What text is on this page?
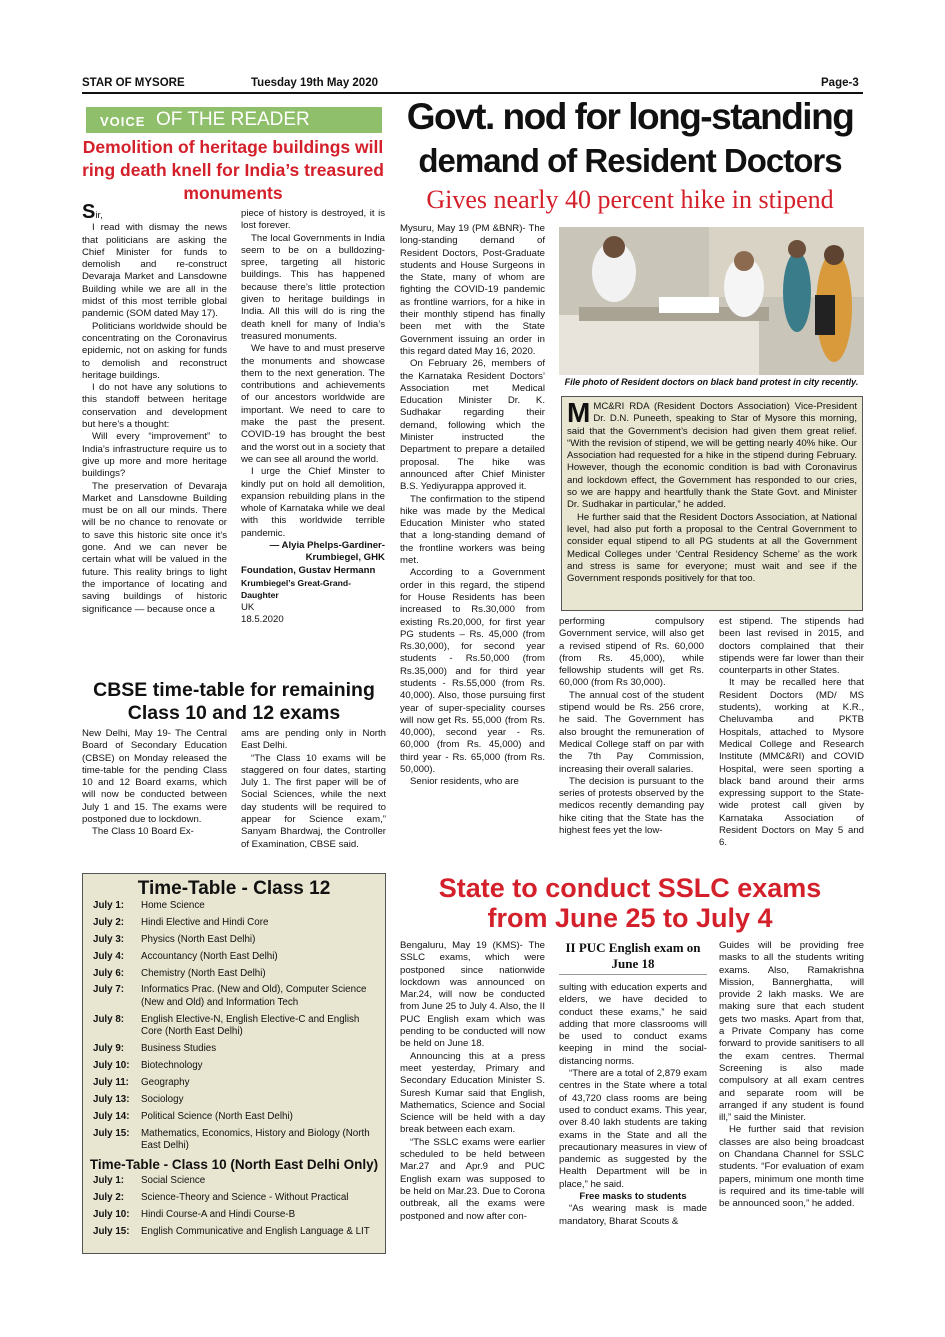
STAR OF MYSORE	Tuesday 19th May 2020	Page-3
VOICE OF THE READER
Demolition of heritage buildings will ring death knell for India’s treasured monuments

Sir,

I read with dismay the news that politicians are asking the Chief Minister for funds to demolish and re-construct Devaraja Market and Lansdowne Building while we are all in the midst of this most terrible global pandemic (SOM dated May 17).

Politicians worldwide should be concentrating on the Coronavirus epidemic, not on asking for funds to demolish and reconstruct heritage buildings.

I do not have any solutions to this standoff between heritage conservation and development but here’s a thought:

Will every “improvement” to India’s infrastructure require us to give up more and more heritage buildings?

The preservation of Devaraja Market and Lansdowne Building must be on all our minds. There will be no chance to renovate or to save this historic site once it’s gone. And we can never be certain what will be valued in the future. This reality brings to light the importance of locating and saving buildings of historic significance — because once a

piece of history is destroyed, it is lost forever.

The local Governments in India seem to be on a bulldozing-spree, targeting all historic buildings. This has happened because there’s little protection given to heritage buildings in India. All this will do is ring the death knell for many of India’s treasured monuments.

We have to and must preserve the monuments and showcase them to the next generation. The contributions and achievements of our ancestors worldwide are important. We need to care to make the past the present. COVID-19 has brought the best and the worst out in a society that we can see all around the world.

I urge the Chief Minster to kindly put on hold all demolition, expansion rebuilding plans in the whole of Karnataka while we deal with this worldwide terrible pandemic.

— Alyia Phelps-Gardiner-
Krumbiegel, GHK
Foundation, Gustav Hermann
Krumbiegel’s Great-Grand-Daughter
UK
18.5.2020
Govt. nod for long-standing
demand of Resident Doctors
Gives nearly 40 percent hike in stipend

Mysuru, May 19 (PM &BNR)- The long-standing demand of Resident Doctors, Post-Graduate students and House Surgeons in the State, many of whom are fighting the COVID-19 pandemic as frontline warriors, for a hike in their monthly stipend has finally been met with the State Government issuing an order in this regard dated May 16, 2020.

On February 26, members of the Karnataka Resident Doctors’ Association met Medical Education Minister Dr. K. Sudhakar regarding their demand, following which the Minister instructed the Department to prepare a detailed proposal. The hike was announced after Chief Minister B.S. Yediyurappa approved it.

The confirmation to the stipend hike was made by the Medical Education Minister who stated that a long-standing demand of the frontline workers was being met.

According to a Government order in this regard, the stipend for House Residents has been increased to Rs.30,000 from existing Rs.20,000, for first year PG students – Rs. 45,000 (from Rs.30,000), for second year students - Rs.50,000 (from Rs.35,000) and for third year students - Rs.55,000 (from Rs. 40,000). Also, those pursuing first year of super-speciality courses will now get Rs. 55,000 (from Rs. 40,000), second year - Rs. 60,000 (from Rs. 45,000) and third year - Rs. 65,000 (from Rs. 50,000).

Senior residents, who are

File photo of Resident doctors on black band protest in city recently.

MMC&RI RDA (Resident Doctors Association) Vice-President Dr. D.N. Puneeth, speaking to Star of Mysore this morning, said that the Government’s decision had given them great relief. “With the revision of stipend, we will be getting nearly 40% hike. Our Association had requested for a hike in the stipend during February. However, though the economic condition is bad with Coronavirus and lockdown effect, the Government has responded to our cries, so we are happy and heartfully thank the State Govt. and Minister Dr. Sudhakar in particular,” he added.

He further said that the Resident Doctors Association, at National level, had also put forth a proposal to the Central Government to consider equal stipend to all PG students at all the Government Medical Colleges under ‘Central Residency Scheme’ as the work and stress is same for everyone; must wait and see if the Government responds positively for that too.

performing compulsory Government service, will also get a revised stipend of Rs. 60,000 (from Rs. 45,000), while fellowship students will get Rs. 60,000 (from Rs 30,000).

The annual cost of the student stipend would be Rs. 256 crore, he said. The Government has also brought the remuneration of Medical College staff on par with the 7th Pay Commission, increasing their overall salaries.

The decision is pursuant to the series of protests observed by the medicos recently demanding pay hike citing that the State has the highest fees yet the low-

est stipend. The stipends had been last revised in 2015, and doctors complained that their stipends were far lower than their counterparts in other States.

It may be recalled here that Resident Doctors (MD/ MS students), working at K.R., Cheluvamba and PKTB Hospitals, attached to Mysore Medical College and Research Institute (MMC&RI) and COVID Hospital, were seen sporting a black band around their arms expressing support to the State-wide protest call given by Karnataka Association of Resident Doctors on May 5 and 6.

CBSE time-table for remaining Class 10 and 12 exams

New Delhi, May 19- The Central Board of Secondary Education (CBSE) on Monday released the time-table for the pending Class 10 and 12 Board exams, which will now be conducted between July 1 and 15. The exams were postponed due to lockdown.

The Class 10 Board Ex-

ams are pending only in North East Delhi.

“The Class 10 exams will be staggered on four dates, starting July 1. The first paper will be of Social Sciences, while the next day students will be required to appear for Science exam,” Sanyam Bhardwaj, the Controller of Examination, CBSE said.

Time-Table - Class 12
July 1:	Home Science
July 2:	Hindi Elective and Hindi Core
July 3:	Physics (North East Delhi)
July 4:	Accountancy (North East Delhi)
July 6:	Chemistry (North East Delhi)
July 7:	Informatics Prac. (New and Old), Computer Science (New and Old) and Information Tech
July 8:	English Elective-N, English Elective-C and English Core (North East Delhi)
July 9:	Business Studies
July 10:	Biotechnology
July 11:	Geography
July 13:	Sociology
July 14:	Political Science (North East Delhi)
July 15:	Mathematics, Economics, History and Biology (North East Delhi)
Time-Table - Class 10 (North East Delhi Only)
July 1:	Social Science
July 2:	Science-Theory and Science - Without Practical
July 10:	Hindi Course-A and Hindi Course-B
July 15:	English Communicative and English Language & LIT
State to conduct SSLC exams
from June 25 to July 4

Bengaluru, May 19 (KMS)- The SSLC exams, which were postponed since nationwide lockdown was announced on Mar.24, will now be conducted from June 25 to July 4. Also, the II PUC English exam which was pending to be conducted will now be held on June 18.

Announcing this at a press meet yesterday, Primary and Secondary Education Minister S. Suresh Kumar said that English, Mathematics, Science and Social Science will be held with a day break between each exam.

“The SSLC exams were earlier scheduled to be held between Mar.27 and Apr.9 and PUC English exam was supposed to be held on Mar.23. Due to Corona outbreak, all the exams were postponed and now after con-

II PUC English exam on June 18

sulting with education experts and elders, we have decided to conduct these exams,” he said adding that more classrooms will be used to conduct exams keeping in mind the social-distancing norms.

“There are a total of 2,879 exam centres in the State where a total of 43,720 class rooms are being used to conduct exams. This year, over 8.40 lakh students are taking exams in the State and all the precautionary measures in view of pandemic as suggested by the Health Department will be in place,” he said.

Free masks to students

“As wearing mask is made mandatory, Bharat Scouts &

Guides will be providing free masks to all the students writing exams. Also, Ramakrishna Mission, Bannerghatta, will provide 2 lakh masks. We are making sure that each student gets two masks. Apart from that, a Private Company has come forward to provide sanitisers to all the exam centres. Thermal Screening is also made compulsory at all exam centres and separate room will be arranged if any student is found ill,” said the Minister.

He further said that revision classes are also being broadcast on Chandana Channel for SSLC students. “For evaluation of exam papers, minimum one month time is required and its time-table will be announced soon,” he added.
